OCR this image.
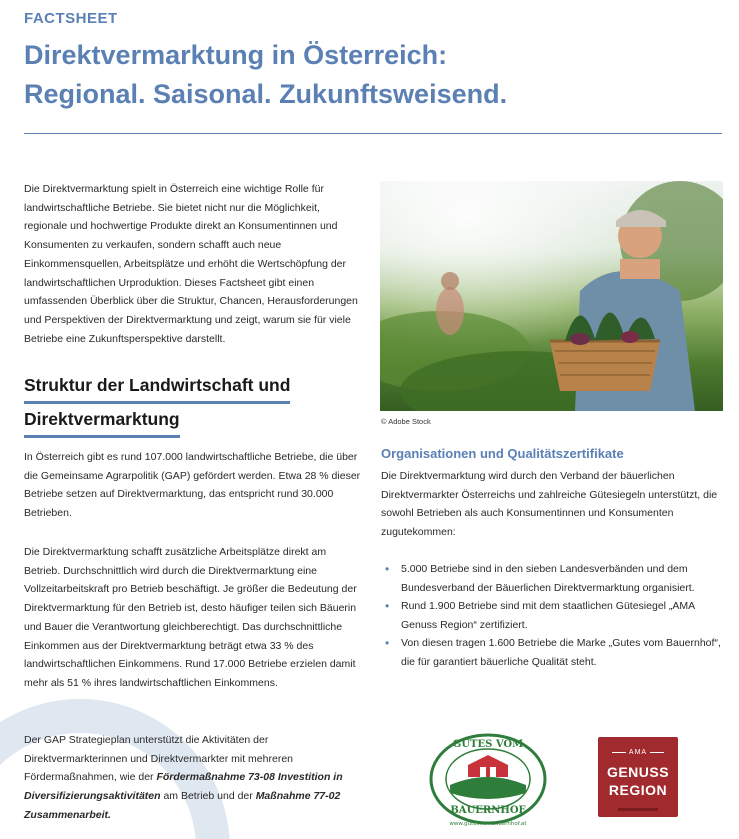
FACTSHEET
Direktvermarktung in Österreich:
Regional. Saisonal. Zukunftsweisend.

Die Direktvermarktung spielt in Österreich eine wichtige Rolle für landwirtschaftliche Betriebe. Sie bietet nicht nur die Möglichkeit, regionale und hochwertige Produkte direkt an Konsumentinnen und Konsumenten zu verkaufen, sondern schafft auch neue Einkommensquellen, Arbeitsplätze und erhöht die Wertschöpfung der landwirtschaftlichen Urproduktion. Dieses Factsheet gibt einen umfassenden Überblick über die Struktur, Chancen, Herausforderungen und Perspektiven der Direktvermarktung und zeigt, warum sie für viele Betriebe eine Zukunftsperspektive darstellt.

Struktur der Landwirtschaft und
Direktvermarktung

In Österreich gibt es rund 107.000 landwirtschaftliche Betriebe, die über die Gemeinsame Agrarpolitik (GAP) gefördert werden. Etwa 28 % dieser Betriebe setzen auf Direktvermarktung, das entspricht rund 30.000 Betrieben.

Die Direktvermarktung schafft zusätzliche Arbeitsplätze direkt am Betrieb. Durchschnittlich wird durch die Direktvermarktung eine Vollzeitarbeitskraft pro Betrieb beschäftigt. Je größer die Bedeutung der Direktvermarktung für den Betrieb ist, desto häufiger teilen sich Bäuerin und Bauer die Verantwortung gleichberechtigt. Das durchschnittliche Einkommen aus der Direktvermarktung beträgt etwa 33 % des landwirtschaftlichen Einkommens. Rund 17.000 Betriebe erzielen damit mehr als 51 % ihres landwirtschaftlichen Einkommens.

Der GAP Strategieplan unterstützt die Aktivitäten der Direktvermarkterinnen und Direktvermarkter mit mehreren Fördermaßnahmen, wie der Fördermaßnahme 73-08 Investition in Diversifizierungsaktivitäten am Betrieb und der Maßnahme 77-02 Zusammenarbeit.

© Adobe Stock
Organisationen und Qualitätszertifikate

Die Direktvermarktung wird durch den Verband der bäuerlichen Direktvermarkter Österreichs und zahlreiche Gütesiegeln unterstützt, die sowohl Betrieben als auch Konsumentinnen und Konsumenten zugutekommen:

• 5.000 Betriebe sind in den sieben Landesverbänden und dem Bundesverband der Bäuerlichen Direktvermarktung organisiert.
• Rund 1.900 Betriebe sind mit dem staatlichen Gütesiegel „AMA Genuss Region“ zertifiziert.
• Von diesen tragen 1.600 Betriebe die Marke „Gutes vom Bauernhof“, die für garantiert bäuerliche Qualität steht.
GUTES VOM
BAUERNHOF
www.gutesvombauernhof.at
AMA
GENUSS
REGION
